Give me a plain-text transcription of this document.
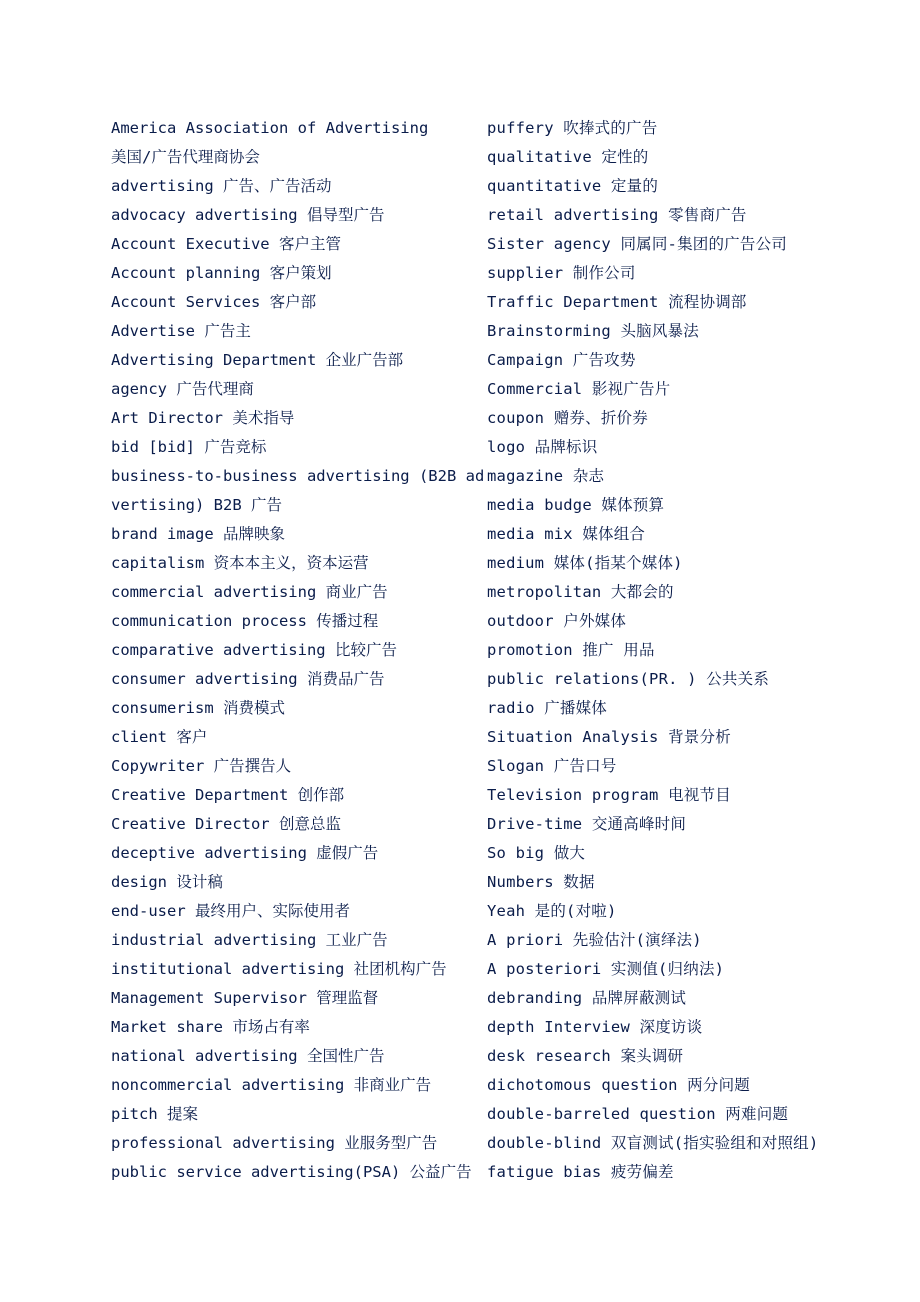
America Association of Advertising
美国/广告代理商协会
advertising 广告、广告活动
advocacy advertising 倡导型广告
Account Executive 客户主管
Account planning 客户策划
Account Services 客户部
Advertise 广告主
Advertising Department 企业广告部
agency 广告代理商
Art Director 美术指导
bid [bid] 广告竞标
business-to-business advertising (B2B ad
vertising) B2B 广告
brand image 品牌映象
capitalism 资本本主义，资本运营
commercial advertising 商业广告
communication process 传播过程
comparative advertising 比较广告
consumer advertising 消费品广告
consumerism 消费模式
client 客户
Copywriter 广告撰告人
Creative Department 创作部
Creative Director 创意总监
deceptive advertising 虚假广告
design 设计稿
end-user 最终用户、实际使用者
industrial advertising 工业广告
institutional advertising 社团机构广告
Management Supervisor 管理监督
Market share 市场占有率
national advertising 全国性广告
noncommercial advertising 非商业广告
pitch 提案
professional advertising 业服务型广告
public service advertising(PSA) 公益广告
puffery 吹捧式的广告
qualitative 定性的
quantitative 定量的
retail advertising 零售商广告
Sister agency 同属同-集团的广告公司
supplier 制作公司
Traffic Department 流程协调部
Brainstorming 头脑风暴法
Campaign 广告攻势
Commercial 影视广告片
coupon 赠券、折价券
logo 品牌标识
magazine 杂志
media budge 媒体预算
media mix 媒体组合
medium 媒体(指某个媒体)
metropolitan 大都会的
outdoor 户外媒体
promotion 推广 用品
public relations(PR. ) 公共关系
radio 广播媒体
Situation Analysis 背景分析
Slogan 广告口号
Television program 电视节目
Drive-time 交通高峰时间
So big 做大
Numbers 数据
Yeah 是的(对啦)
A priori 先验估汁(演绎法)
A posteriori 实测值(归纳法)
debranding 品牌屏蔽测试
depth Interview 深度访谈
desk research 案头调研
dichotomous question 两分问题
double-barreled question 两难问题
double-blind 双盲测试(指实验组和对照组)
fatigue bias 疲劳偏差
